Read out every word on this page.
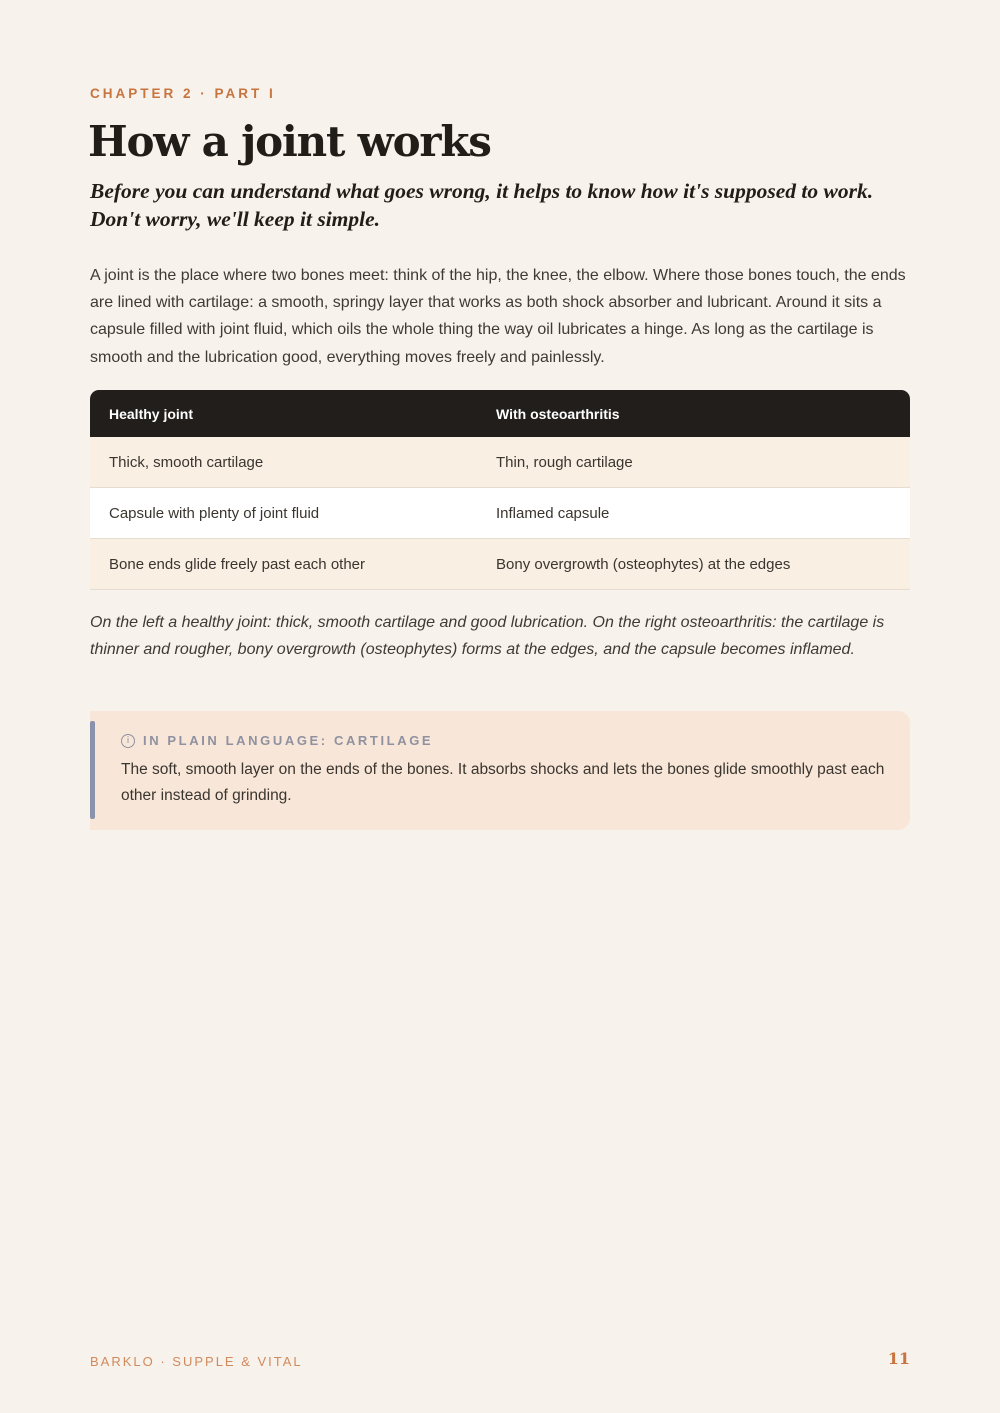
CHAPTER 2 · PART I
How a joint works
Before you can understand what goes wrong, it helps to know how it's supposed to work. Don't worry, we'll keep it simple.

A joint is the place where two bones meet: think of the hip, the knee, the elbow. Where those bones touch, the ends are lined with cartilage: a smooth, springy layer that works as both shock absorber and lubricant. Around it sits a capsule filled with joint fluid, which oils the whole thing the way oil lubricates a hinge. As long as the cartilage is smooth and the lubrication good, everything moves freely and painlessly.

Healthy joint	With osteoarthritis
Thick, smooth cartilage	Thin, rough cartilage
Capsule with plenty of joint fluid	Inflamed capsule
Bone ends glide freely past each other	Bony overgrowth (osteophytes) at the edges

On the left a healthy joint: thick, smooth cartilage and good lubrication. On the right osteoarthritis: the cartilage is thinner and rougher, bony overgrowth (osteophytes) forms at the edges, and the capsule becomes inflamed.

i	IN PLAIN LANGUAGE: CARTILAGE

The soft, smooth layer on the ends of the bones. It absorbs shocks and lets the bones glide smoothly past each other instead of grinding.

BARKLO · SUPPLE & VITAL	11
